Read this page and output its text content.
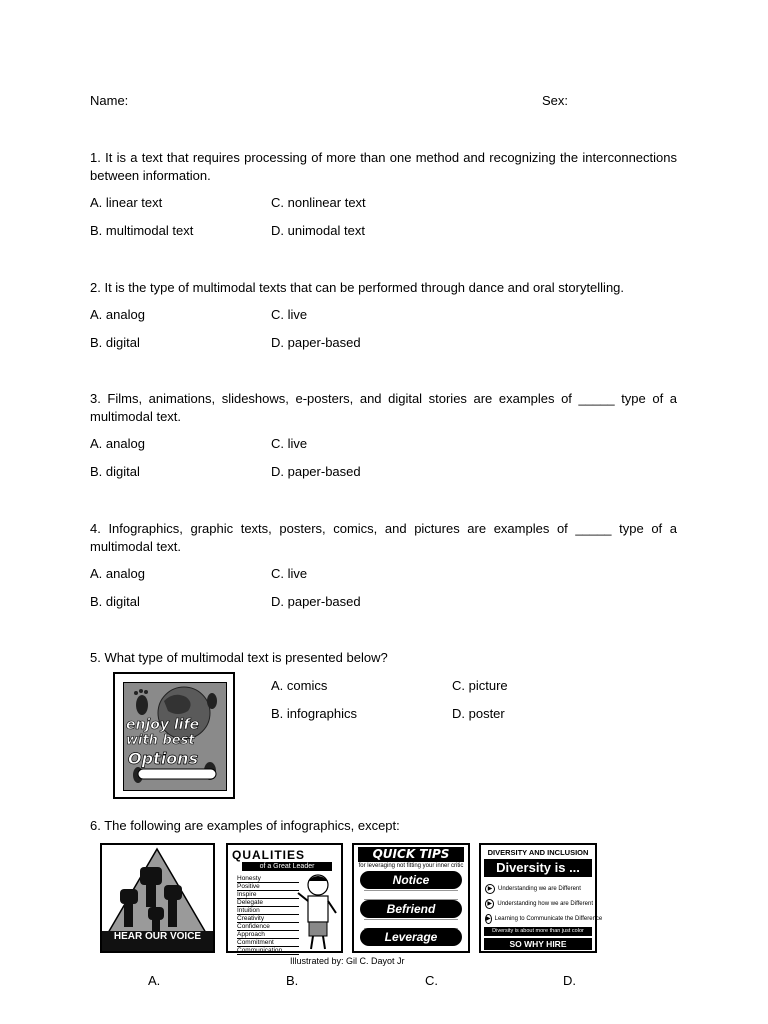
Name:	Sex:
1. It is a text that requires processing of more than one method and recognizing the interconnections between information.
A. linear text	C. nonlinear text
B. multimodal text	D. unimodal text
2. It is the type of multimodal texts that can be performed through dance and oral storytelling.
A. analog	C. live
B. digital	D. paper-based
3. Films, animations, slideshows, e-posters, and digital stories are examples of _____ type of a multimodal text.
A. analog	C. live
B. digital	D. paper-based
4. Infographics, graphic texts, posters, comics, and pictures are examples of _____ type of a multimodal text.
A. analog	C. live
B. digital	D. paper-based
5. What type of multimodal text is presented below?
enjoy life
with best
Options
A. comics	C. picture
B. infographics	D. poster
6. The following are examples of infographics, except:
HEAR OUR VOICE
QUALITIES
of a Great Leader
Honesty
Positive
Inspire
Delegate
Intuition
Creativity
Confidence
Approach
Commitment
Communication
QUICK TIPS
for leveraging not fitting your inner critic
Notice
Befriend
Leverage
DIVERSITY AND INCLUSION
Diversity is ...
▶ Understanding we are Different
▶ Understanding how we are Different
▶ Learning to Communicate the Difference
Diversity is about more than just color
SO WHY HIRE DIVERSITY?
Illustrated by: Gil C. Dayot Jr
A.	B.	C.	D.
